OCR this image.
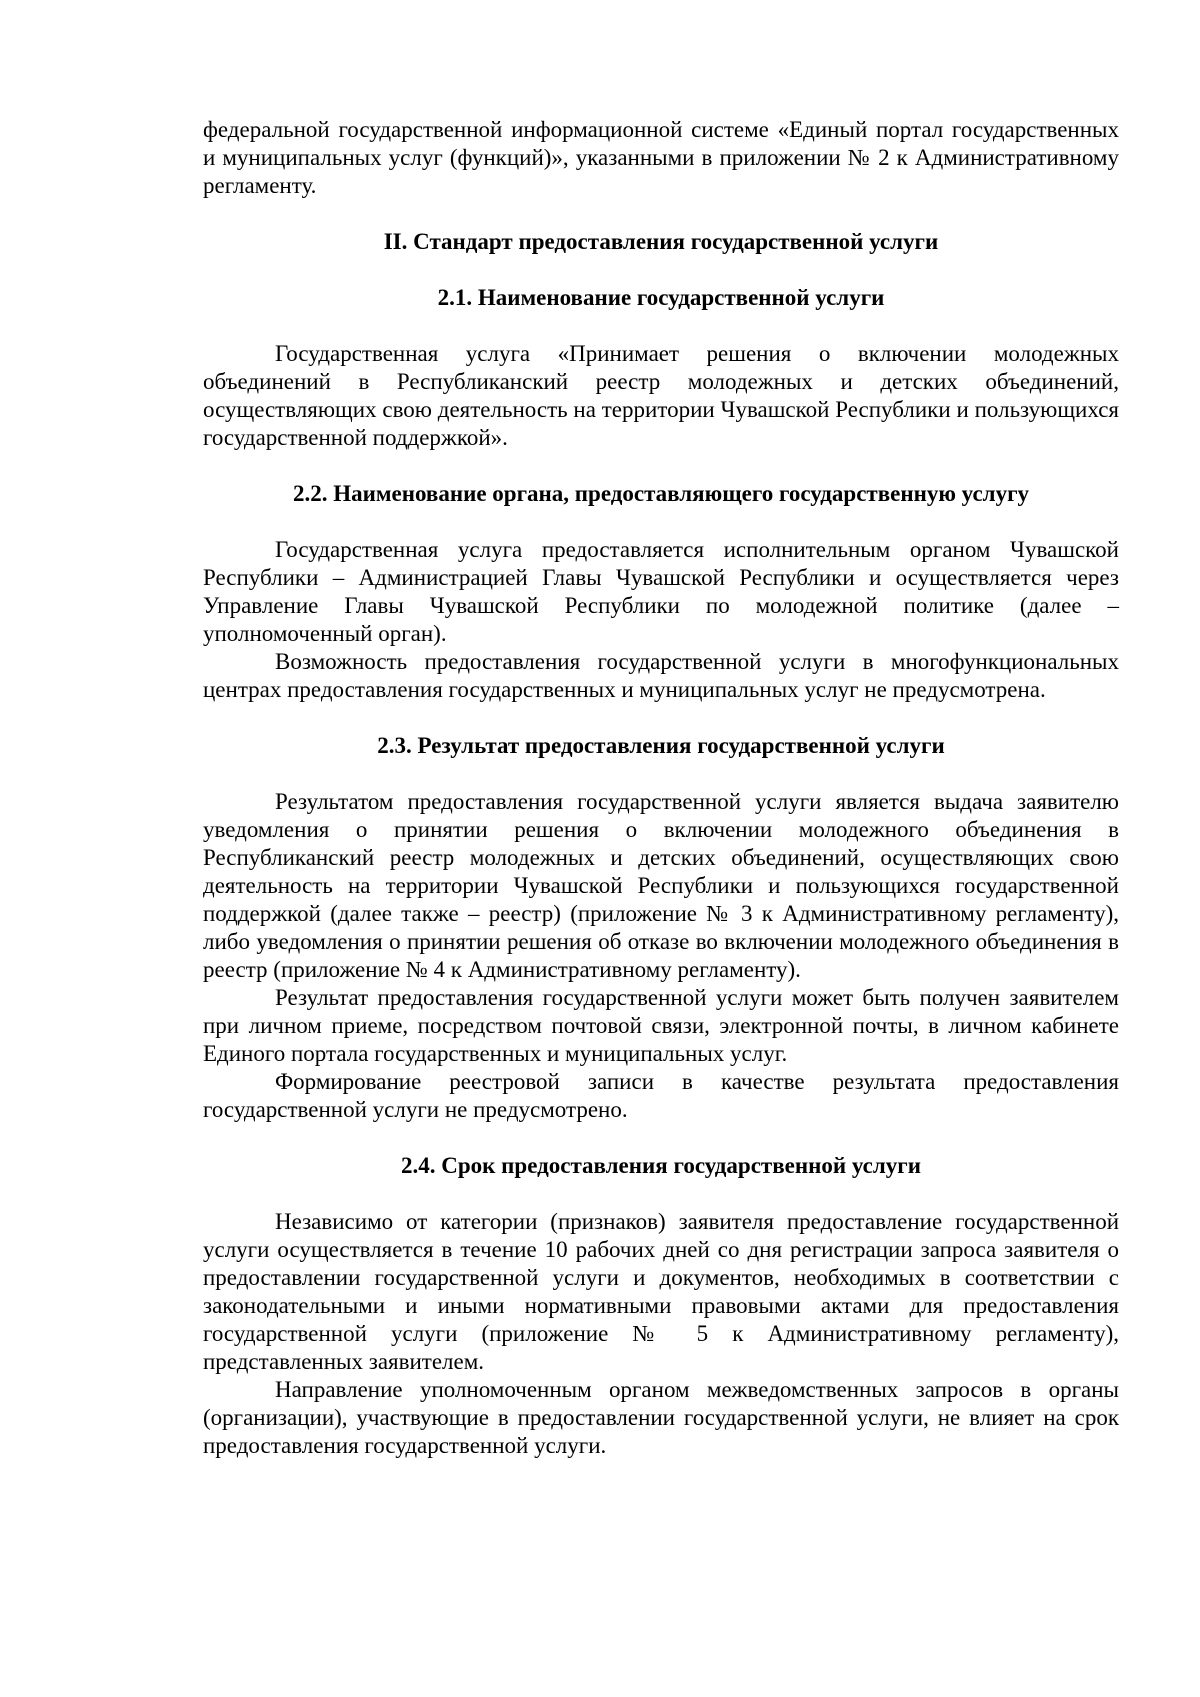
федеральной государственной информационной системе «Единый портал государственных и муниципальных услуг (функций)», указанными в приложении № 2 к Административному регламенту.

II. Стандарт предоставления государственной услуги
2.1. Наименование государственной услуги

Государственная услуга «Принимает решения о включении молодежных объединений в Республиканский реестр молодежных и детских объединений, осуществляющих свою деятельность на территории Чувашской Республики и пользующихся государственной поддержкой».

2.2. Наименование органа, предоставляющего государственную услугу

Государственная услуга предоставляется исполнительным органом Чувашской Республики – Администрацией Главы Чувашской Республики и осуществляется через Управление Главы Чувашской Республики по молодежной политике (далее – уполномоченный орган).

Возможность предоставления государственной услуги в многофункциональных центрах предоставления государственных и муниципальных услуг не предусмотрена.

2.3. Результат предоставления государственной услуги

Результатом предоставления государственной услуги является выдача заявителю уведомления о принятии решения о включении молодежного объединения в Республиканский реестр молодежных и детских объединений, осуществляющих свою деятельность на территории Чувашской Республики и пользующихся государственной поддержкой (далее также – реестр) (приложение № 3 к Административному регламенту), либо уведомления о принятии решения об отказе во включении молодежного объединения в реестр (приложение № 4 к Административному регламенту).

Результат предоставления государственной услуги может быть получен заявителем при личном приеме, посредством почтовой связи, электронной почты, в личном кабинете Единого портала государственных и муниципальных услуг.

Формирование реестровой записи в качестве результата предоставления государственной услуги не предусмотрено.

2.4. Срок предоставления государственной услуги

Независимо от категории (признаков) заявителя предоставление государственной услуги осуществляется в течение 10 рабочих дней со дня регистрации запроса заявителя о предоставлении государственной услуги и документов, необходимых в соответствии с законодательными и иными нормативными правовыми актами для предоставления государственной услуги (приложение № 5 к Административному регламенту), представленных заявителем.

Направление уполномоченным органом межведомственных запросов в органы (организации), участвующие в предоставлении государственной услуги, не влияет на срок предоставления государственной услуги.
